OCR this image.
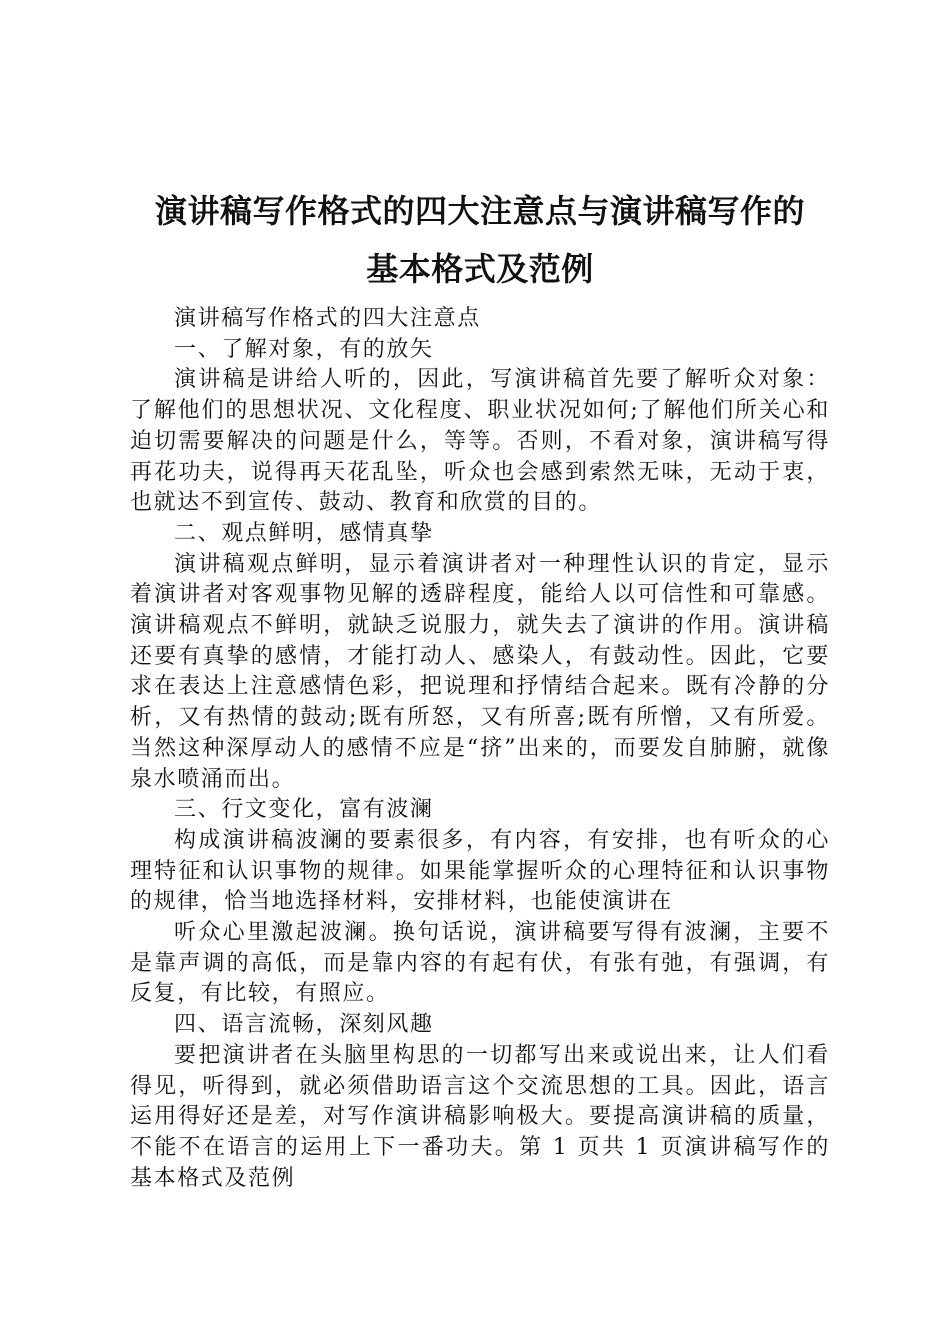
演讲稿写作格式的四大注意点与演讲稿写作的
基本格式及范例

演讲稿写作格式的四大注意点

一、了解对象，有的放矢

演讲稿是讲给人听的，因此，写演讲稿首先要了解听众对象：了解他们的思想状况、文化程度、职业状况如何;了解他们所关心和迫切需要解决的问题是什么，等等。否则，不看对象，演讲稿写得再花功夫，说得再天花乱坠，听众也会感到索然无味，无动于衷，也就达不到宣传、鼓动、教育和欣赏的目的。

二、观点鲜明，感情真挚

演讲稿观点鲜明，显示着演讲者对一种理性认识的肯定，显示着演讲者对客观事物见解的透辟程度，能给人以可信性和可靠感。演讲稿观点不鲜明，就缺乏说服力，就失去了演讲的作用。演讲稿还要有真挚的感情，才能打动人、感染人，有鼓动性。因此，它要求在表达上注意感情色彩，把说理和抒情结合起来。既有冷静的分析，又有热情的鼓动;既有所怒，又有所喜;既有所憎，又有所爱。当然这种深厚动人的感情不应是“挤”出来的，而要发自肺腑，就像泉水喷涌而出。

三、行文变化，富有波澜

构成演讲稿波澜的要素很多，有内容，有安排，也有听众的心理特征和认识事物的规律。如果能掌握听众的心理特征和认识事物的规律，恰当地选择材料，安排材料，也能使演讲在

听众心里激起波澜。换句话说，演讲稿要写得有波澜，主要不是靠声调的高低，而是靠内容的有起有伏，有张有弛，有强调，有反复，有比较，有照应。

四、语言流畅，深刻风趣

要把演讲者在头脑里构思的一切都写出来或说出来，让人们看得见，听得到，就必须借助语言这个交流思想的工具。因此，语言运用得好还是差，对写作演讲稿影响极大。要提高演讲稿的质量，不能不在语言的运用上下一番功夫。第 1 页共 1 页演讲稿写作的基本格式及范例
